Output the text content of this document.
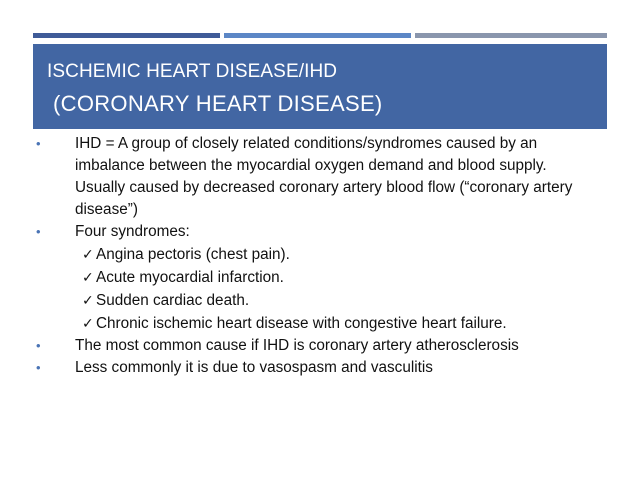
ISCHEMIC HEART DISEASE/IHD
(CORONARY HEART DISEASE)
•	IHD = A group of closely related conditions/syndromes caused by an imbalance between the myocardial oxygen demand and blood supply. Usually caused by decreased coronary artery blood flow (“coronary artery disease”)
•	Four syndromes:
✓ Angina pectoris (chest pain).
✓ Acute myocardial infarction.
✓ Sudden cardiac death.
✓ Chronic ischemic heart disease with congestive heart failure.
•	The most common cause if IHD is coronary artery atherosclerosis
•	Less commonly it is due to vasospasm and vasculitis
